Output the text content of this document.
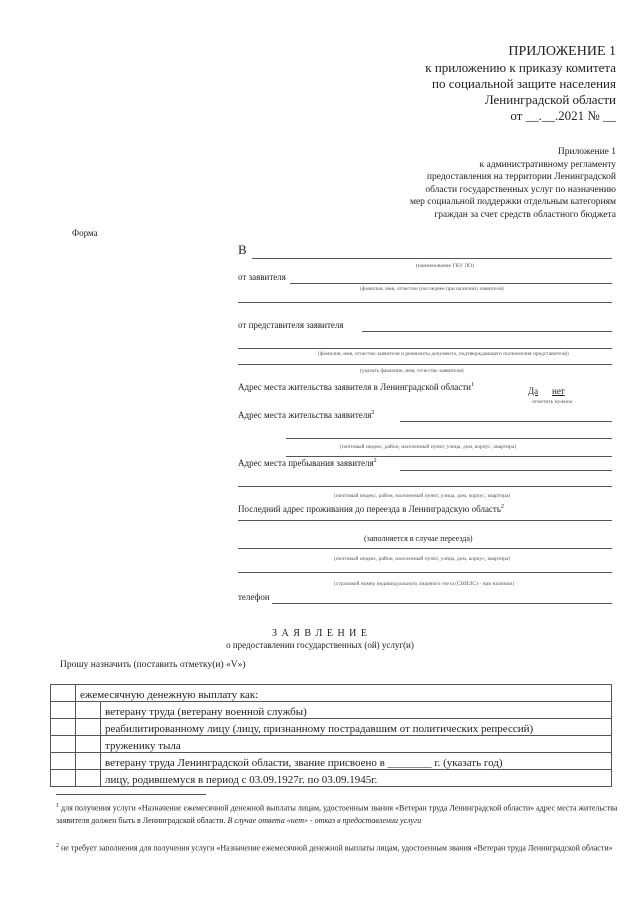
ПРИЛОЖЕНИЕ 1
к приложению к приказу комитета
по социальной защите населения
Ленинградской области
от __.__.2021 № __
Приложение 1
к административному регламенту
предоставления на территории Ленинградской
области государственных услуг по назначению
мер социальной поддержки отдельным категориям
граждан за счет средств областного бюджета
Форма
В
(наименование ГКУ ЛО)
от заявителя
(фамилия, имя, отчество (последнее при наличии) заявителя)
от представителя заявителя
(фамилия, имя, отчество заявителя и реквизиты документа, подтверждающего полномочия представителя)
(указать фамилию, имя, отчество заявителя)
Адрес места жительства заявителя в Ленинградской области$^1$
Да нет
отметить нужное
Адрес места жительства заявителя$^2$
(почтовый индекс, район, населенный пункт, улица, дом, корпус, квартира)
Адрес места пребывания заявителя$^2$
(почтовый индекс, район, населенный пункт, улица, дом, корпус, квартира)
Последний адрес проживания до переезда в Ленинградскую область$^2$
(заполняется в случае переезда)
(почтовый индекс, район, населенный пункт, улица, дом, корпус, квартира)
(страховой номер индивидуального лицевого счета (СНИЛС) - при наличии)
телефон
З А Я В Л Е Н И Е
о предоставлении государственных (ой) услуг(и)
Прошу назначить (поставить отметку(и) «V»)
	ежемесячную денежную выплату как:	
		ветерану труда (ветерану военной службы)
		реабилитированному лицу (лицу, признанному пострадавшим от политических репрессий)
		труженику тыла
		ветерану труда Ленинградской области, звание присвоено в ________ г. (указать год)
		лицу, родившемуся в период с 03.09.1927г. по 03.09.1945г.
$^1$ для получения услуги «Назначение ежемесячной денежной выплаты лицам, удостоенным звания «Ветеран труда Ленинградской области» адрес места жительства заявителя должен быть в Ленинградской области. В случае ответа «нет» - отказ в предоставлении услуги
$^2$ не требует заполнения для получения услуги «Назначение ежемесячной денежной выплаты лицам, удостоенным звания «Ветеран труда Ленинградской области»
